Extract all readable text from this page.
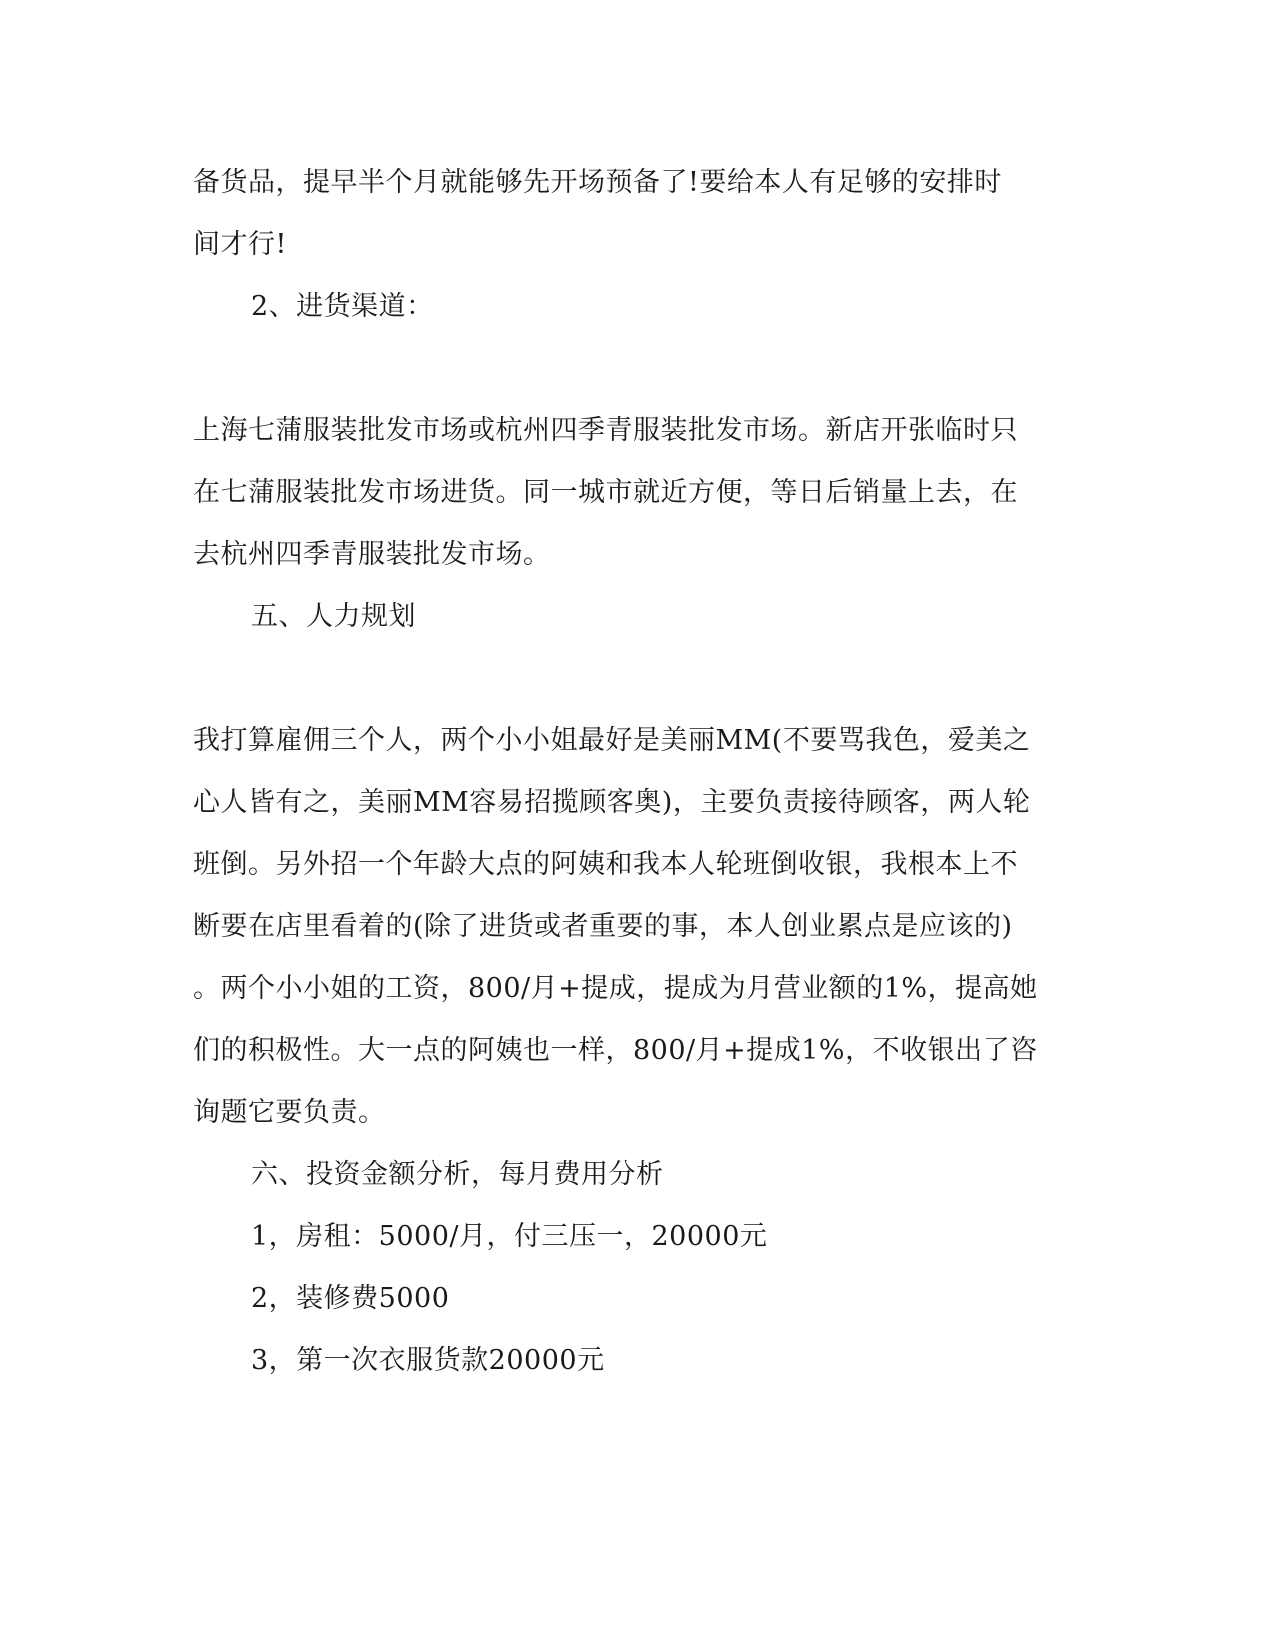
备货品，提早半个月就能够先开场预备了!要给本人有足够的安排时
间才行!
2、进货渠道：
上海七蒲服装批发市场或杭州四季青服装批发市场。新店开张临时只
在七蒲服装批发市场进货。同一城市就近方便，等日后销量上去，在
去杭州四季青服装批发市场。
五、人力规划
我打算雇佣三个人，两个小小姐最好是美丽MM(不要骂我色，爱美之
心人皆有之，美丽MM容易招揽顾客奥)，主要负责接待顾客，两人轮
班倒。另外招一个年龄大点的阿姨和我本人轮班倒收银，我根本上不
断要在店里看着的(除了进货或者重要的事，本人创业累点是应该的)
。两个小小姐的工资，800/月+提成，提成为月营业额的1%，提高她
们的积极性。大一点的阿姨也一样，800/月+提成1%，不收银出了咨
询题它要负责。
六、投资金额分析，每月费用分析
1，房租：5000/月，付三压一，20000元
2，装修费5000
3，第一次衣服货款20000元
